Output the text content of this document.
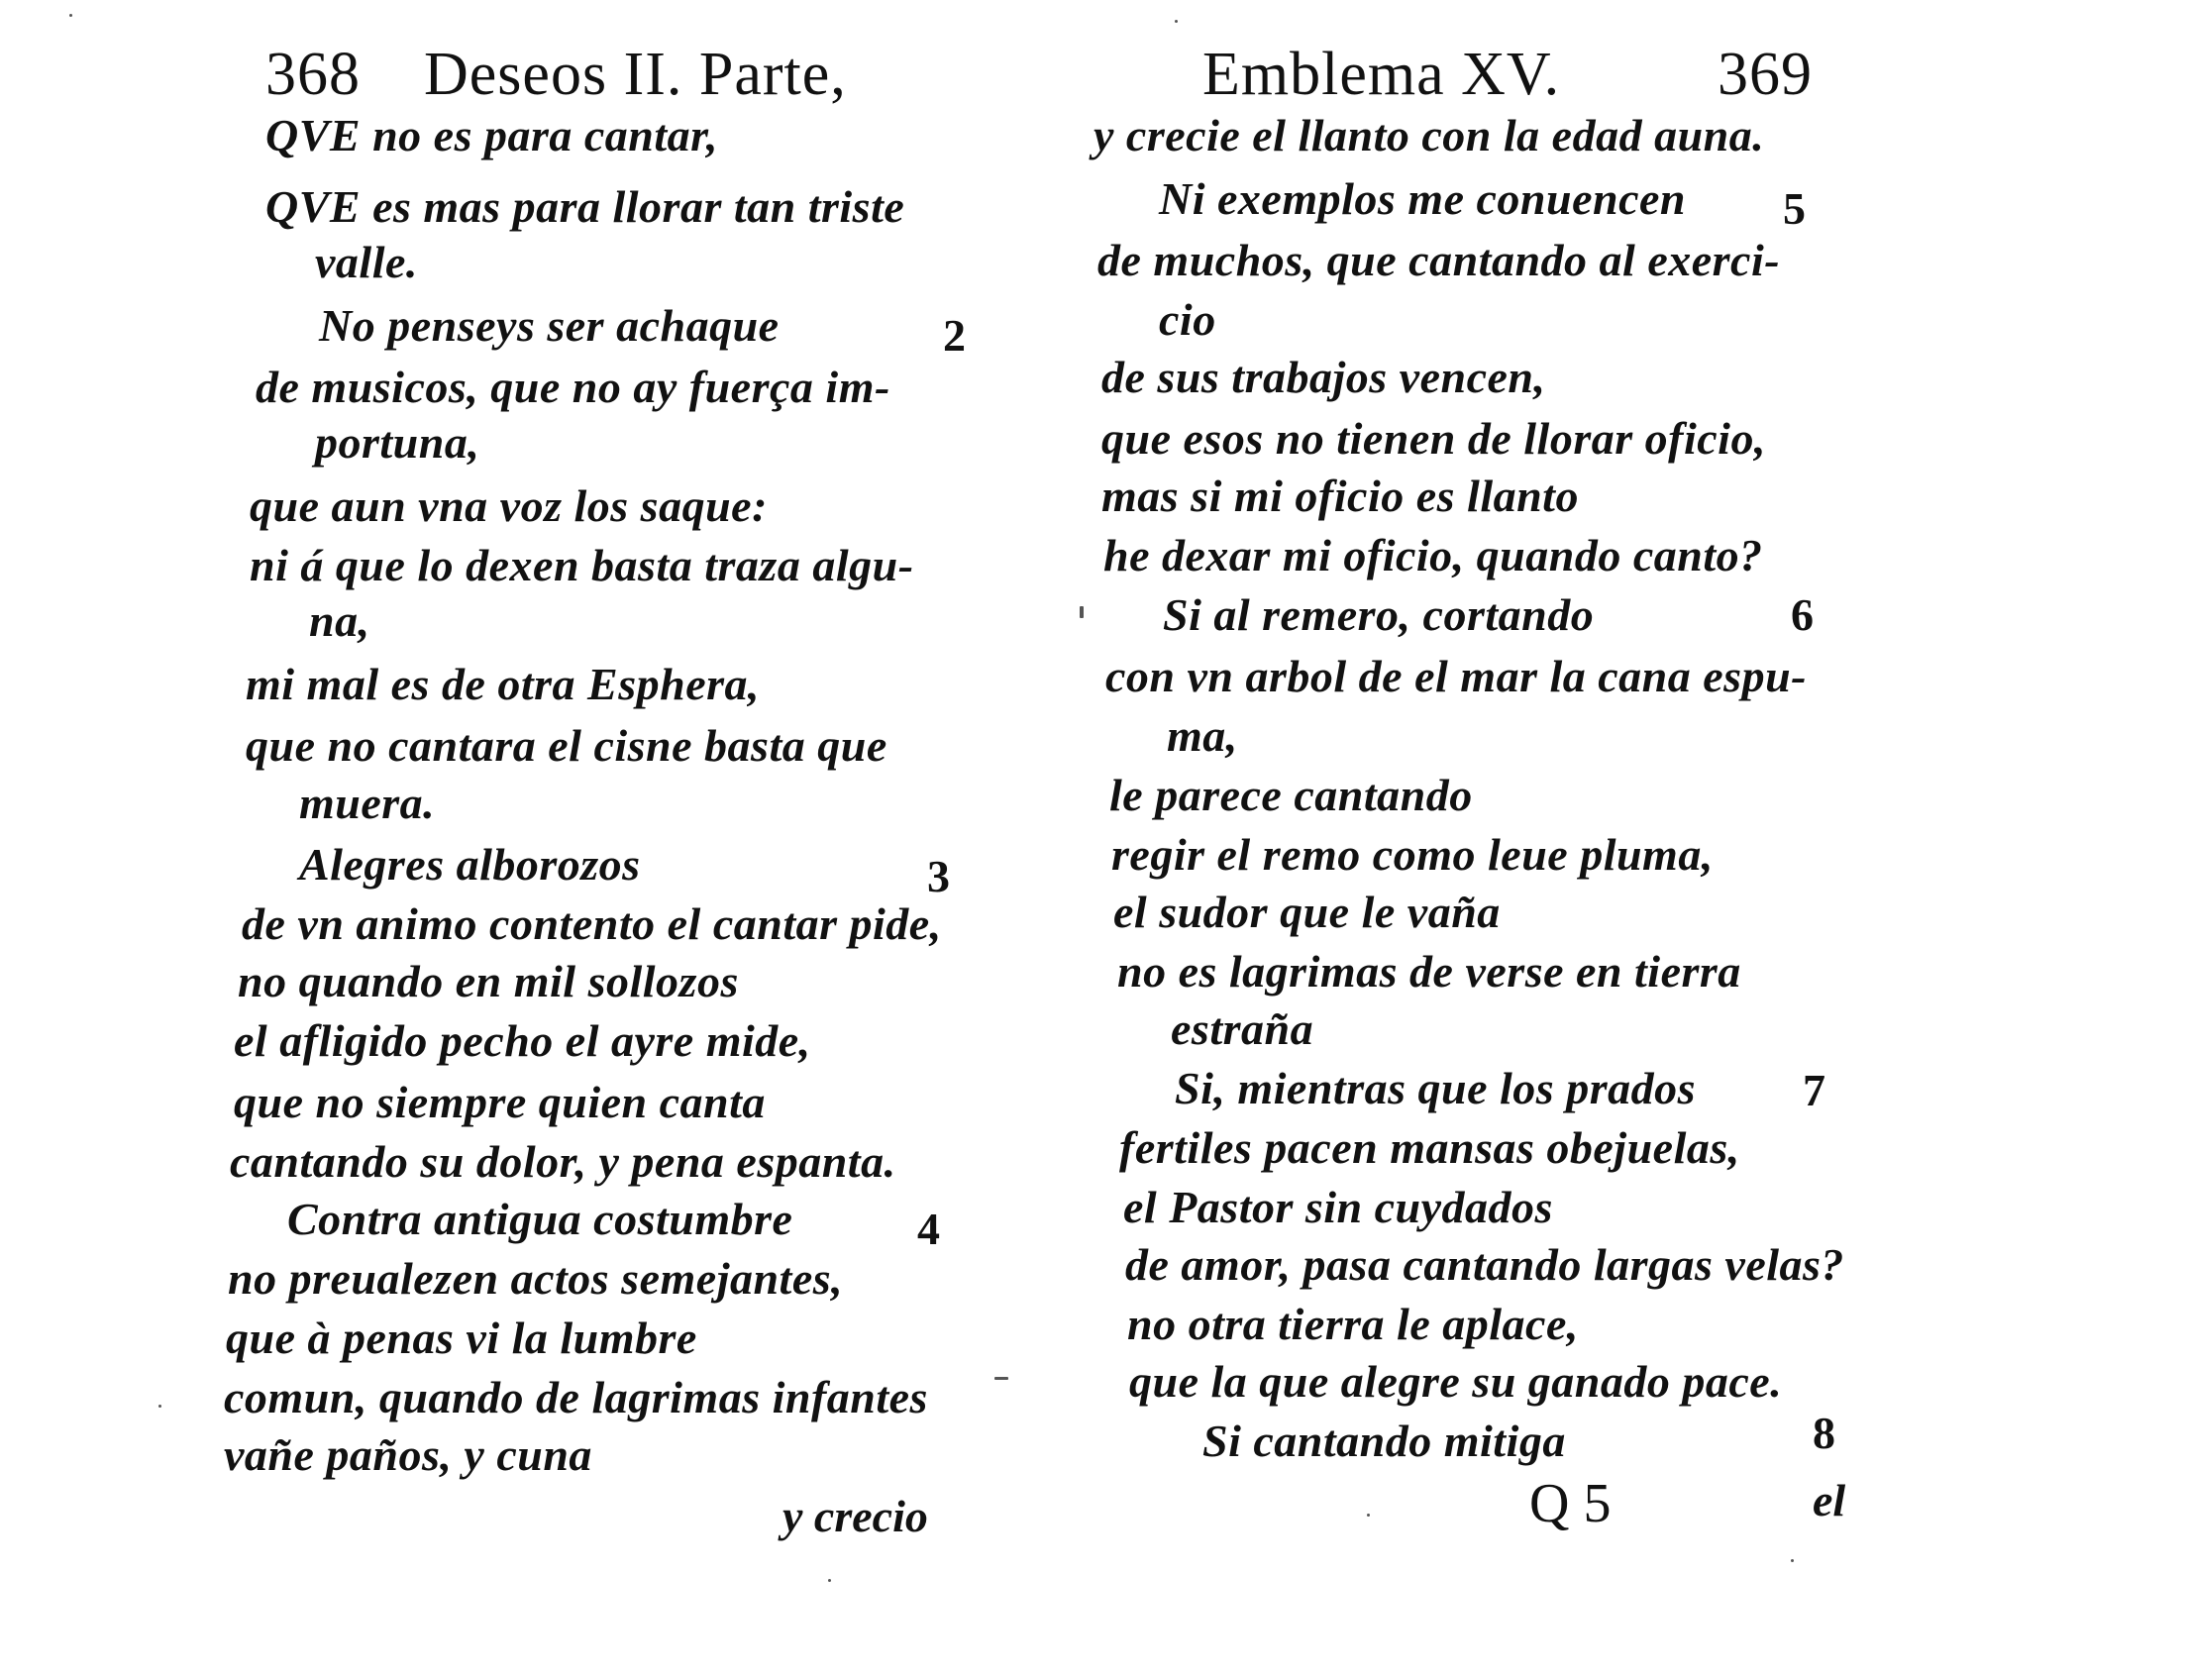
368 Deseos II. Parte,
QVE no es para cantar,
QVE es mas para llorar tan triste
valle.
No penseys ser achaque	2
de musicos, que no ay fuerça im-
portuna,
que aun vna voz los saque:
ni á que lo dexen basta traza algu-
na,
mi mal es de otra Esphera,
que no cantara el cisne basta que
muera.
Alegres alborozos	3
de vn animo contento el cantar pide,
no quando en mil sollozos
el afligido pecho el ayre mide,
que no siempre quien canta
cantando su dolor, y pena espanta.
Contra antigua costumbre	4
no preualezen actos semejantes,
que à penas vi la lumbre
comun, quando de lagrimas infantes
vañe paños, y cuna
y crecio
Emblema XV.	369
y crecie el llanto con la edad auna.
Ni exemplos me conuencen 5
de muchos, que cantando al exerci-
cio
de sus trabajos vencen,
que esos no tienen de llorar oficio,
mas si mi oficio es llanto
he dexar mi oficio, quando canto?
Si al remero, cortando	6
con vn arbol de el mar la cana espu-
ma,
le parece cantando
regir el remo como leue pluma,
el sudor que le vaña
no es lagrimas de verse en tierra
estraña
Si, mientras que los prados 7
fertiles pacen mansas obejuelas,
el Pastor sin cuydados
de amor, pasa cantando largas velas?
no otra tierra le aplace,
que la que alegre su ganado pace.
Si cantando mitiga	8
Q 5	el
